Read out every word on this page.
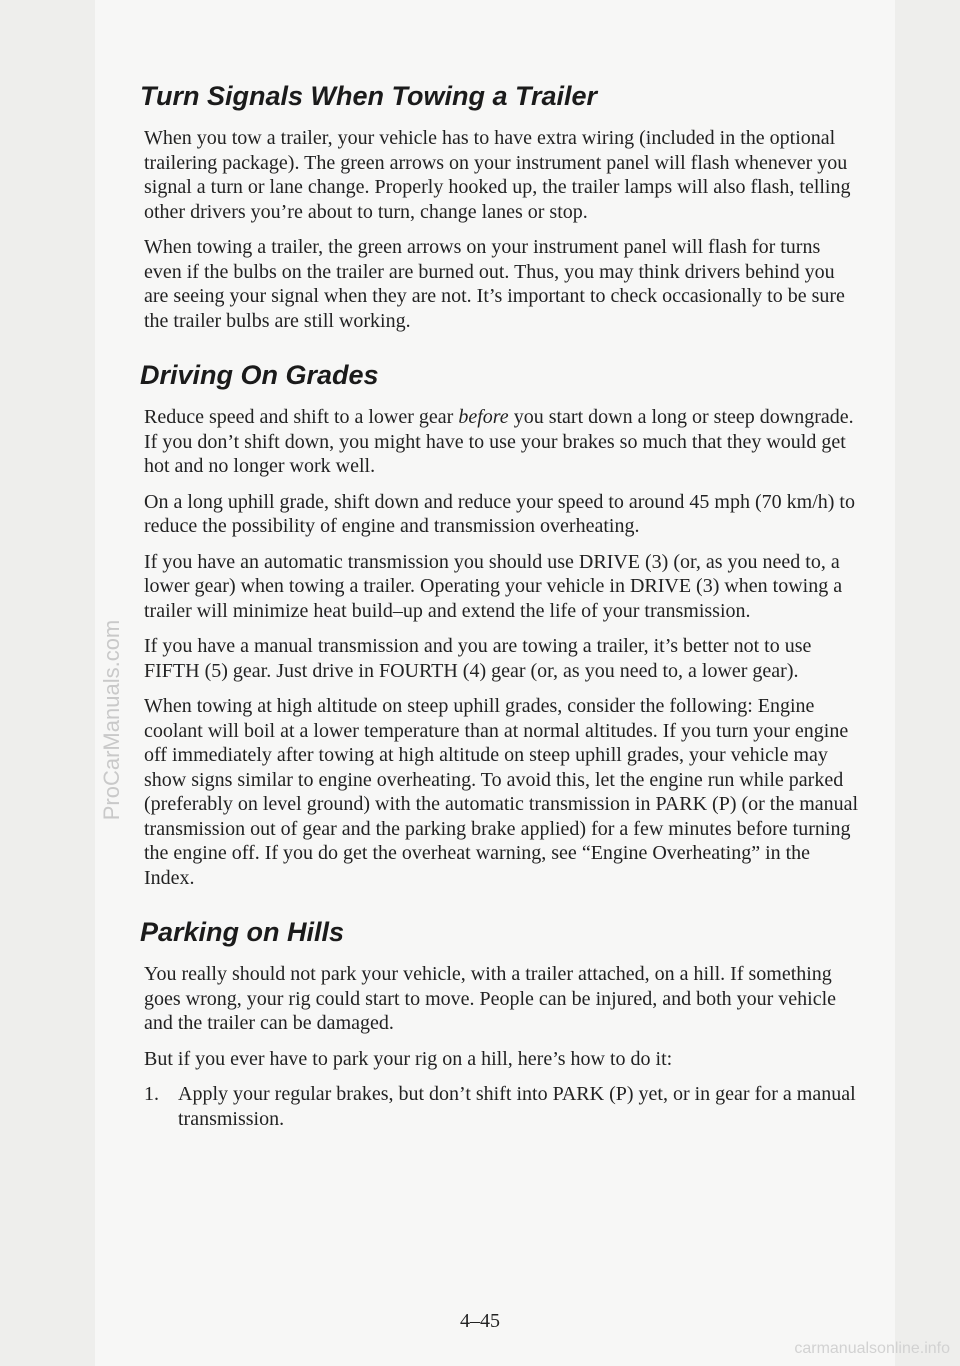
ProCarManuals.com
Turn Signals When Towing a Trailer

When you tow a trailer, your vehicle has to have extra wiring (included in the optional trailering package). The green arrows on your instrument panel will flash whenever you signal a turn or lane change. Properly hooked up, the trailer lamps will also flash, telling other drivers you’re about to turn, change lanes or stop.

When towing a trailer, the green arrows on your instrument panel will flash for turns even if the bulbs on the trailer are burned out. Thus, you may think drivers behind you are seeing your signal when they are not. It’s important to check occasionally to be sure the trailer bulbs are still working.

Driving On Grades

Reduce speed and shift to a lower gear before you start down a long or steep downgrade. If you don’t shift down, you might have to use your brakes so much that they would get hot and no longer work well.

On a long uphill grade, shift down and reduce your speed to around 45 mph (70 km/h) to reduce the possibility of engine and transmission overheating.

If you have an automatic transmission you should use DRIVE (3) (or, as you need to, a lower gear) when towing a trailer. Operating your vehicle in DRIVE (3) when towing a trailer will minimize heat build–up and extend the life of your transmission.

If you have a manual transmission and you are towing a trailer, it’s better not to use FIFTH (5) gear. Just drive in FOURTH (4) gear (or, as you need to, a lower gear).

When towing at high altitude on steep uphill grades, consider the following: Engine coolant will boil at a lower temperature than at normal altitudes. If you turn your engine off immediately after towing at high altitude on steep uphill grades, your vehicle may show signs similar to engine overheating. To avoid this, let the engine run while parked (preferably on level ground) with the automatic transmission in PARK (P) (or the manual transmission out of gear and the parking brake applied) for a few minutes before turning the engine off. If you do get the overheat warning, see “Engine Overheating” in the Index.

Parking on Hills

You really should not park your vehicle, with a trailer attached, on a hill. If something goes wrong, your rig could start to move. People can be injured, and both your vehicle and the trailer can be damaged.

But if you ever have to park your rig on a hill, here’s how to do it:

1. Apply your regular brakes, but don’t shift into PARK (P) yet, or in gear for a manual transmission.
4–45
carmanualsonline.info
